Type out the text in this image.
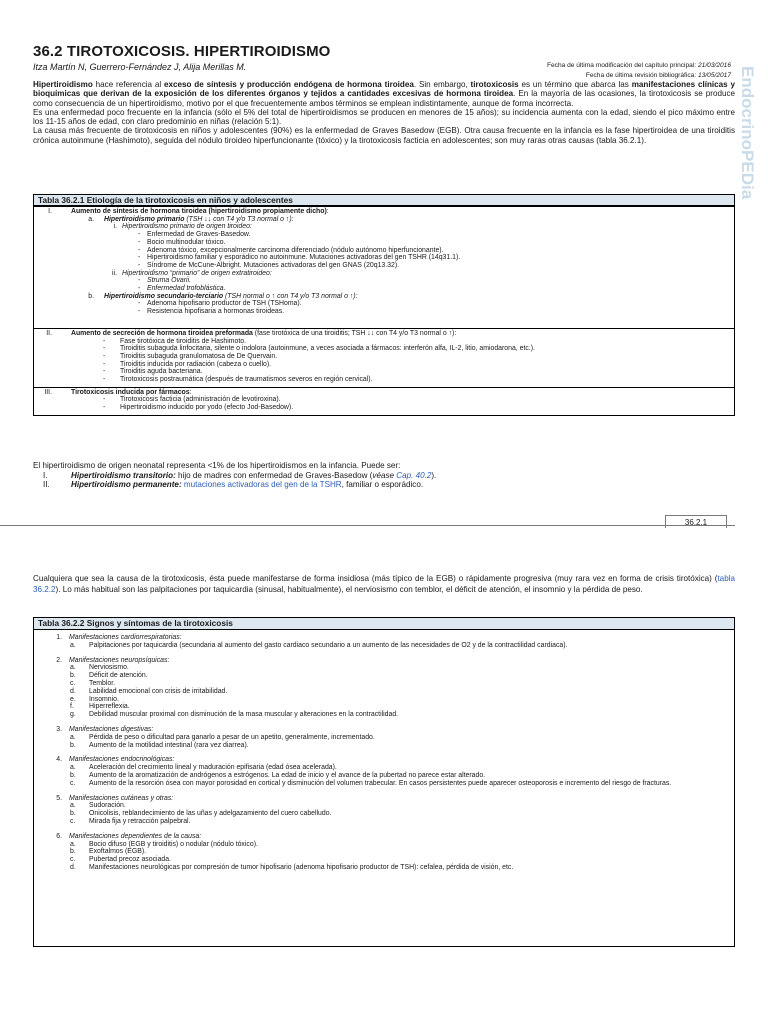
36.2 TIROTOXICOSIS. HIPERTIROIDISMO
Itza Martín N, Guerrero-Fernández J, Alija Merillas M.	Fecha de última modificación del capítulo principal: 21/03/2016
Fecha de última revisión bibliográfica: 13/05/2017 EndocrinoPEDia

Hipertiroidismo hace referencia al exceso de síntesis y producción endógena de hormona tiroidea. Sin embargo, tirotoxicosis es un término que abarca las manifestaciones clínicas y bioquímicas que derivan de la exposición de los diferentes órganos y tejidos a cantidades excesivas de hormona tiroidea. En la mayoría de las ocasiones, la tirotoxicosis se produce como consecuencia de un hipertiroidismo, motivo por el que frecuentemente ambos términos se emplean indistintamente, aunque de forma incorrecta.

Es una enfermedad poco frecuente en la infancia (sólo el 5% del total de hipertiroidismos se producen en menores de 15 años); su incidencia aumenta con la edad, siendo el pico máximo entre los 11-15 años de edad, con claro predominio en niñas (relación 5:1).

La causa más frecuente de tirotoxicosis en niños y adolescentes (90%) es la enfermedad de Graves Basedow (EGB). Otra causa frecuente en la infancia es la fase hipertiroidea de una tiroiditis crónica autoinmune (Hashimoto), seguida del nódulo tiroideo hiperfuncionante (tóxico) y la tirotoxicosis facticia en adolescentes; son muy raras otras causas (tabla 36.2.1).

Tabla 36.2.1 Etiología de la tirotoxicosis en niños y adolescentes
I.	Aumento de síntesis de hormona tiroidea (hipertiroidismo propiamente dicho):
a. Hipertiroidismo primario (TSH ↓↓ con T4 y/o T3 normal o ↑):
i. Hipertiroidismo primario de origen tiroideo:
- Enfermedad de Graves-Basedow.
- Bocio multinodular tóxico.
- Adenoma tóxico, excepcionalmente carcinoma diferenciado (nódulo autónomo hiperfuncionante).
- Hipertiroidismo familiar y esporádico no autoinmune. Mutaciones activadoras del gen TSHR (14q31.1).
- Síndrome de McCune-Albright. Mutaciones activadoras del gen GNAS (20q13.32).
ii. Hipertiroidismo “primario” de origen extratiroideo:
- Struma Ovarii.
- Enfermedad trofoblástica.
b. Hipertiroidismo secundario-terciario (TSH normal o ↑ con T4 y/o T3 normal o ↑):
- Adenoma hipofisario productor de TSH (TSHoma).
- Resistencia hipofisaria a hormonas tiroideas.
II.	Aumento de secreción de hormona tiroidea preformada (fase tirotóxica de una tiroiditis; TSH ↓↓ con T4 y/o T3 normal o ↑):
- Fase tirotóxica de tiroiditis de Hashimoto.
- Tiroiditis subaguda linfocitaria, silente o indolora (autoinmune, a veces asociada a fármacos: interferón alfa, IL-2, litio, amiodarona, etc.).
- Tiroiditis subaguda granulomatosa de De Quervain.
- Tiroiditis inducida por radiación (cabeza o cuello).
- Tiroiditis aguda bacteriana.
- Tirotoxicosis postraumática (después de traumatismos severos en región cervical).
III.	Tirotoxicosis inducida por fármacos:
- Tirotoxicosis facticia (administración de levotiroxina).
- Hipertiroidismo inducido por yodo (efecto Jod-Basedow).
El hipertiroidismo de origen neonatal representa <1% de los hipertiroidismos en la infancia. Puede ser:
I.	Hipertiroidismo transitorio: hijo de madres con enfermedad de Graves-Basedow (véase Cap. 40.2).
II.	Hipertiroidismo permanente: mutaciones activadoras del gen de la TSHR, familiar o esporádico.
36.2.1
Cualquiera que sea la causa de la tirotoxicosis, ésta puede manifestarse de forma insidiosa (más típico de la EGB) o rápidamente progresiva (muy rara vez en forma de crisis tirotóxica) (tabla 36.2.2). Lo más habitual son las palpitaciones por taquicardia (sinusal, habitualmente), el nerviosismo con temblor, el déficit de atención, el insomnio y la pérdida de peso.
Tabla 36.2.2 Signos y síntomas de la tirotoxicosis
1. Manifestaciones cardiorrespiratorias:
a.	Palpitaciones por taquicardia (secundaria al aumento del gasto cardiaco secundario a un aumento de las necesidades de O2 y de la contractilidad cardiaca).
2. Manifestaciones neuropsíquicas:
a.	Nerviosismo.
b.	Déficit de atención.
c.	Temblor.
d.	Labilidad emocional con crisis de irritabilidad.
e.	Insomnio.
f.	Hiperreflexia.
g.	Debilidad muscular proximal con disminución de la masa muscular y alteraciones en la contractilidad.
3. Manifestaciones digestivas:
a.	Pérdida de peso o dificultad para ganarlo a pesar de un apetito, generalmente, incrementado.
b.	Aumento de la motilidad intestinal (rara vez diarrea).
4. Manifestaciones endocrinológicas:
a.	Aceleración del crecimiento lineal y maduración epifisaria (edad ósea acelerada).
b.	Aumento de la aromatización de andrógenos a estrógenos. La edad de inicio y el avance de la pubertad no parece estar alterado.
c.	Aumento de la resorción ósea con mayor porosidad en cortical y disminución del volumen trabecular. En casos persistentes puede aparecer osteoporosis e incremento del riesgo de fracturas.
5. Manifestaciones cutáneas y otras:
a.	Sudoración.
b.	Onicolisis, reblandecimiento de las uñas y adelgazamiento del cuero cabelludo.
c.	Mirada fija y retracción palpebral.
6. Manifestaciones dependientes de la causa:
a.	Bocio difuso (EGB y tiroiditis) o nodular (nódulo tóxico).
b.	Exoftalmos (EGB).
c.	Pubertad precoz asociada.
d.	Manifestaciones neurológicas por compresión de tumor hipofisario (adenoma hipofisario productor de TSH): cefalea, pérdida de visión, etc.
